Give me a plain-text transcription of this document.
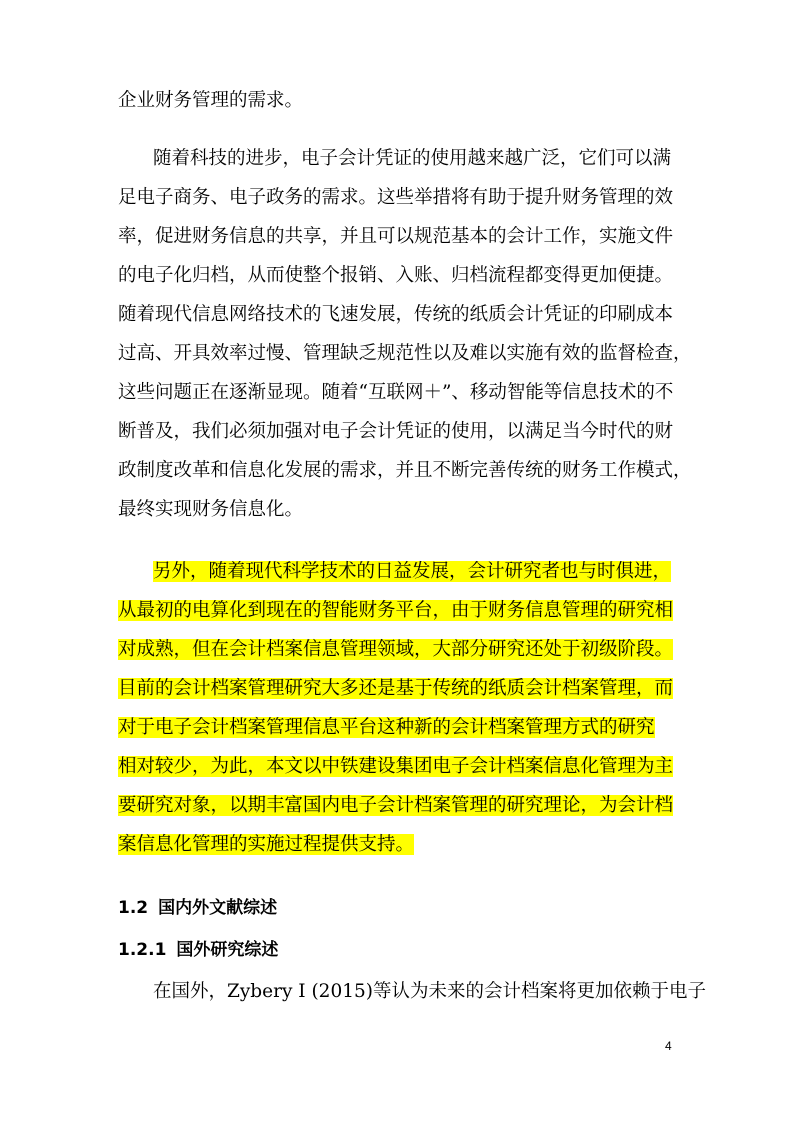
企业财务管理的需求。
随着科技的进步，电子会计凭证的使用越来越广泛，它们可以满
足电子商务、电子政务的需求。这些举措将有助于提升财务管理的效
率，促进财务信息的共享，并且可以规范基本的会计工作，实施文件
的电子化归档，从而使整个报销、入账、归档流程都变得更加便捷。
随着现代信息网络技术的飞速发展，传统的纸质会计凭证的印刷成本
过高、开具效率过慢、管理缺乏规范性以及难以实施有效的监督检查，
这些问题正在逐渐显现。随着“互联网＋”、移动智能等信息技术的不
断普及，我们必须加强对电子会计凭证的使用，以满足当今时代的财
政制度改革和信息化发展的需求，并且不断完善传统的财务工作模式，
最终实现财务信息化。
另外，随着现代科学技术的日益发展，会计研究者也与时俱进，
从最初的电算化到现在的智能财务平台，由于财务信息管理的研究相
对成熟，但在会计档案信息管理领域，大部分研究还处于初级阶段。
目前的会计档案管理研究大多还是基于传统的纸质会计档案管理，而
对于电子会计档案管理信息平台这种新的会计档案管理方式的研究
相对较少，为此，本文以中铁建设集团电子会计档案信息化管理为主
要研究对象，以期丰富国内电子会计档案管理的研究理论，为会计档
案信息化管理的实施过程提供支持。
1.2 国内外文献综述
1.2.1 国外研究综述
在国外，Zybery I (2015)等认为未来的会计档案将更加依赖于电子
4
